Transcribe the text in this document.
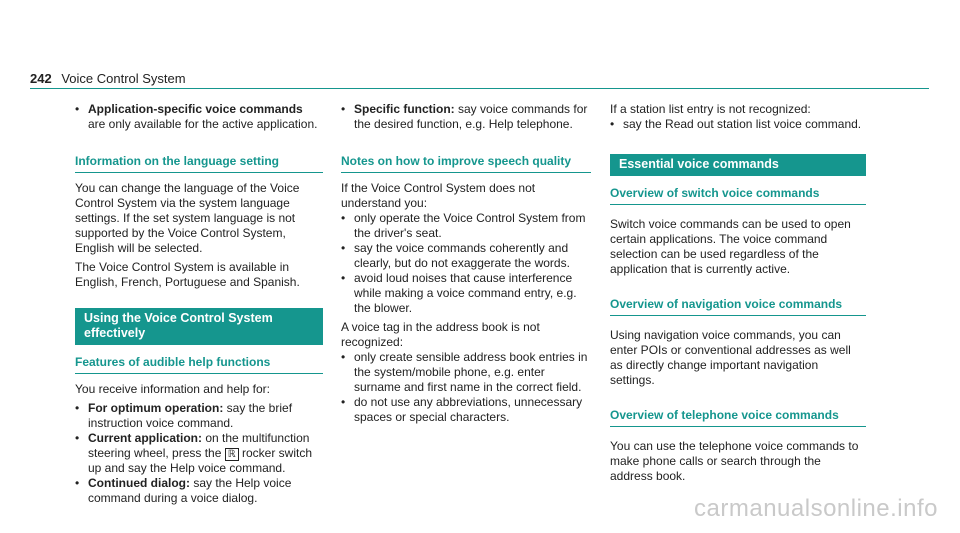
242 Voice Control System

• Application-specific voice commands are only available for the active application.

Information on the language setting

You can change the language of the Voice Control System via the system language settings. If the set system language is not supported by the Voice Control System, English will be selected.

The Voice Control System is available in English, French, Portuguese and Spanish.

Using the Voice Control System effectively
Features of audible help functions

You receive information and help for:

• For optimum operation: say the brief instruction voice command.

• Current application: on the multifunction steering wheel, press the ℝ rocker switch up and say the Help voice command.

• Continued dialog: say the Help voice command during a voice dialog.

• Specific function: say voice commands for the desired function, e.g. Help telephone.

Notes on how to improve speech quality

If the Voice Control System does not understand you:

• only operate the Voice Control System from the driver's seat.

• say the voice commands coherently and clearly, but do not exaggerate the words.

• avoid loud noises that cause interference while making a voice command entry, e.g. the blower.

A voice tag in the address book is not recognized:

• only create sensible address book entries in the system/mobile phone, e.g. enter surname and first name in the correct field.

• do not use any abbreviations, unnecessary spaces or special characters.

If a station list entry is not recognized:

• say the Read out station list voice command.

Essential voice commands
Overview of switch voice commands

Switch voice commands can be used to open certain applications. The voice command selection can be used regardless of the application that is currently active.

Overview of navigation voice commands

Using navigation voice commands, you can enter POIs or conventional addresses as well as directly change important navigation settings.

Overview of telephone voice commands

You can use the telephone voice commands to make phone calls or search through the address book.

carmanualsonline.info
